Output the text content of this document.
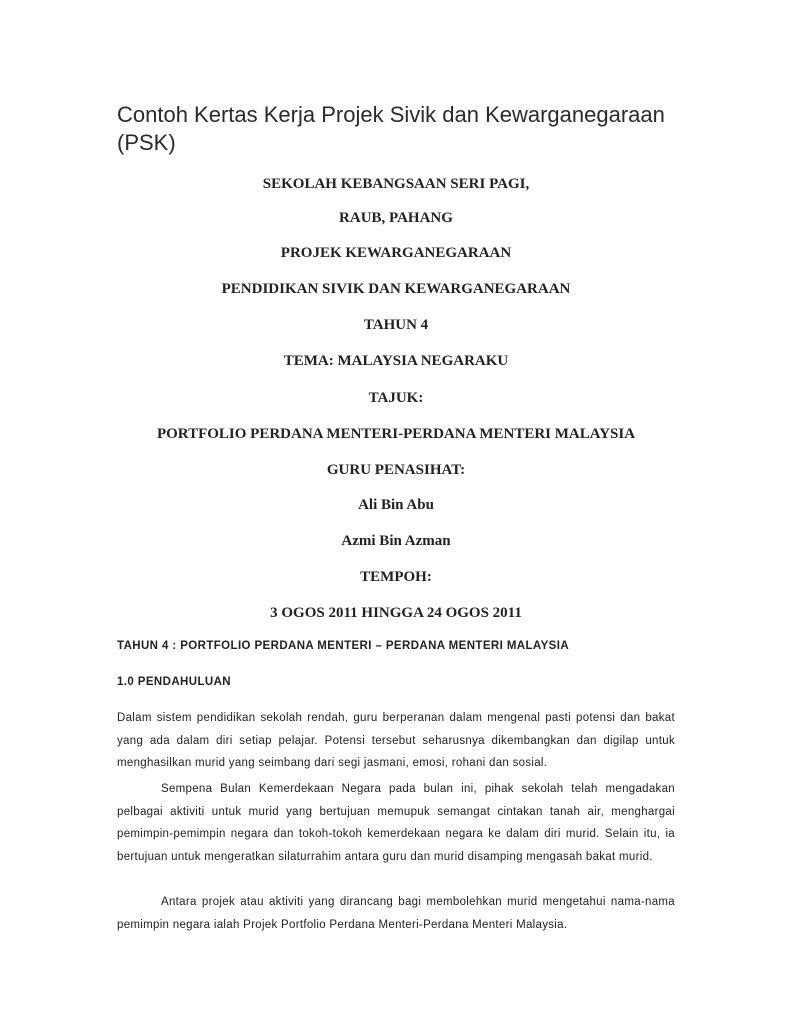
Contoh Kertas Kerja Projek Sivik dan Kewarganegaraan (PSK)
SEKOLAH KEBANGSAAN SERI PAGI,
RAUB, PAHANG
PROJEK KEWARGANEGARAAN
PENDIDIKAN SIVIK DAN KEWARGANEGARAAN
TAHUN 4
TEMA: MALAYSIA NEGARAKU
TAJUK:
PORTFOLIO PERDANA MENTERI-PERDANA MENTERI MALAYSIA
GURU PENASIHAT:
Ali Bin Abu
Azmi Bin Azman
TEMPOH:
3 OGOS 2011 HINGGA 24 OGOS 2011
TAHUN 4 : PORTFOLIO PERDANA MENTERI – PERDANA MENTERI MALAYSIA
1.0 PENDAHULUAN

Dalam sistem pendidikan sekolah rendah, guru berperanan dalam mengenal pasti potensi dan bakat yang ada dalam diri setiap pelajar. Potensi tersebut seharusnya dikembangkan dan digilap untuk menghasilkan murid yang seimbang dari segi jasmani, emosi, rohani dan sosial.

Sempena Bulan Kemerdekaan Negara pada bulan ini, pihak sekolah telah mengadakan pelbagai aktiviti untuk murid yang bertujuan memupuk semangat cintakan tanah air, menghargai pemimpin-pemimpin negara dan tokoh-tokoh kemerdekaan negara ke dalam diri murid. Selain itu, ia bertujuan untuk mengeratkan silaturrahim antara guru dan murid disamping mengasah bakat murid.

Antara projek atau aktiviti yang dirancang bagi membolehkan murid mengetahui nama-nama pemimpin negara ialah Projek Portfolio Perdana Menteri-Perdana Menteri Malaysia.
